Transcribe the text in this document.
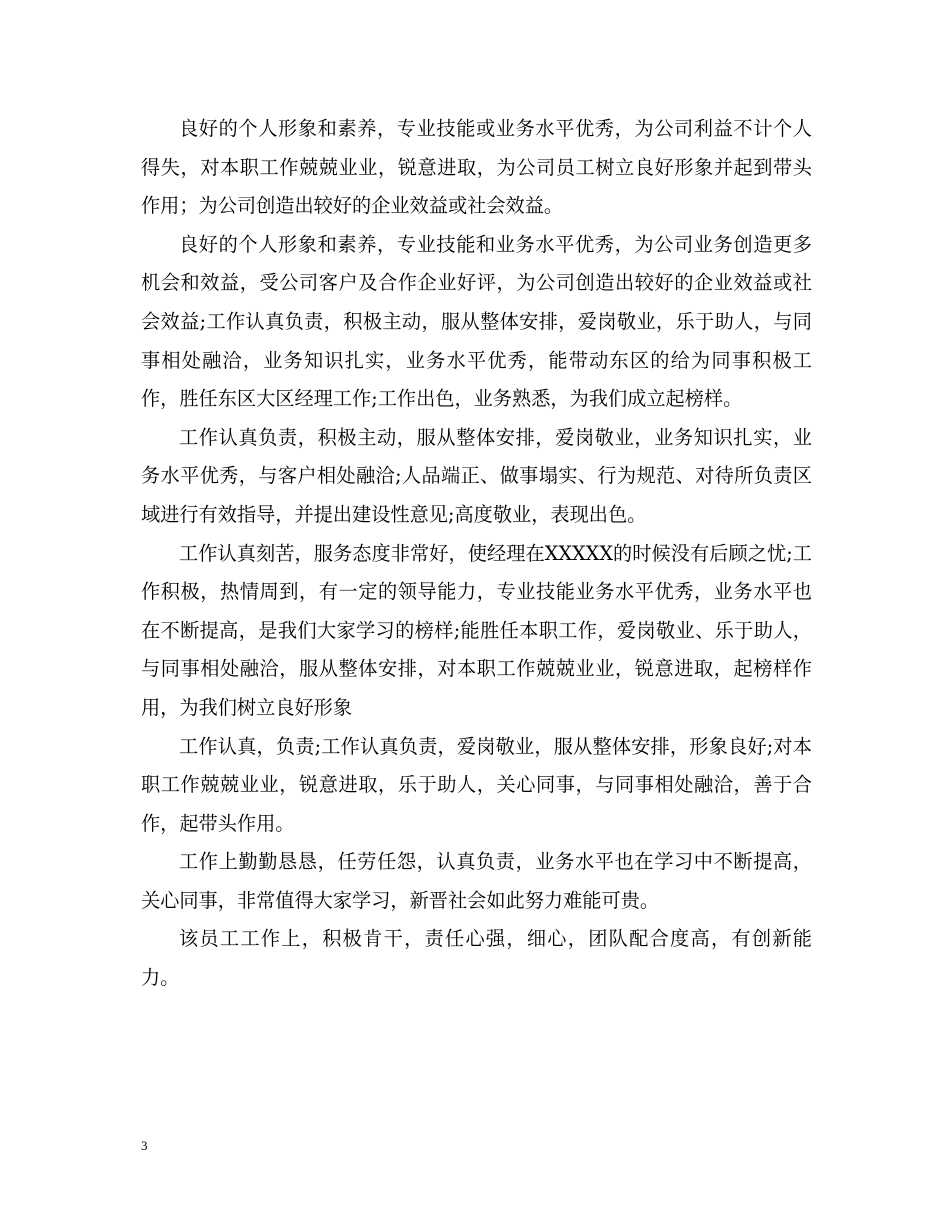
良好的个人形象和素养，专业技能或业务水平优秀，为公司利益不计个人得失，对本职工作兢兢业业，锐意进取，为公司员工树立良好形象并起到带头作用；为公司创造出较好的企业效益或社会效益。

良好的个人形象和素养，专业技能和业务水平优秀，为公司业务创造更多机会和效益，受公司客户及合作企业好评，为公司创造出较好的企业效益或社会效益;工作认真负责，积极主动，服从整体安排，爱岗敬业，乐于助人，与同事相处融洽，业务知识扎实，业务水平优秀，能带动东区的给为同事积极工作，胜任东区大区经理工作;工作出色，业务熟悉，为我们成立起榜样。

工作认真负责，积极主动，服从整体安排，爱岗敬业，业务知识扎实，业务水平优秀，与客户相处融洽;人品端正、做事塌实、行为规范、对待所负责区域进行有效指导，并提出建设性意见;高度敬业，表现出色。

工作认真刻苦，服务态度非常好，使经理在XXXXX的时候没有后顾之忧;工作积极，热情周到，有一定的领导能力，专业技能业务水平优秀，业务水平也在不断提高，是我们大家学习的榜样;能胜任本职工作，爱岗敬业、乐于助人，与同事相处融洽，服从整体安排，对本职工作兢兢业业，锐意进取，起榜样作用，为我们树立良好形象

工作认真，负责;工作认真负责，爱岗敬业，服从整体安排，形象良好;对本职工作兢兢业业，锐意进取，乐于助人，关心同事，与同事相处融洽，善于合作，起带头作用。

工作上勤勤恳恳，任劳任怨，认真负责，业务水平也在学习中不断提高，关心同事，非常值得大家学习，新晋社会如此努力难能可贵。

该员工工作上，积极肯干，责任心强，细心，团队配合度高，有创新能力。

3
